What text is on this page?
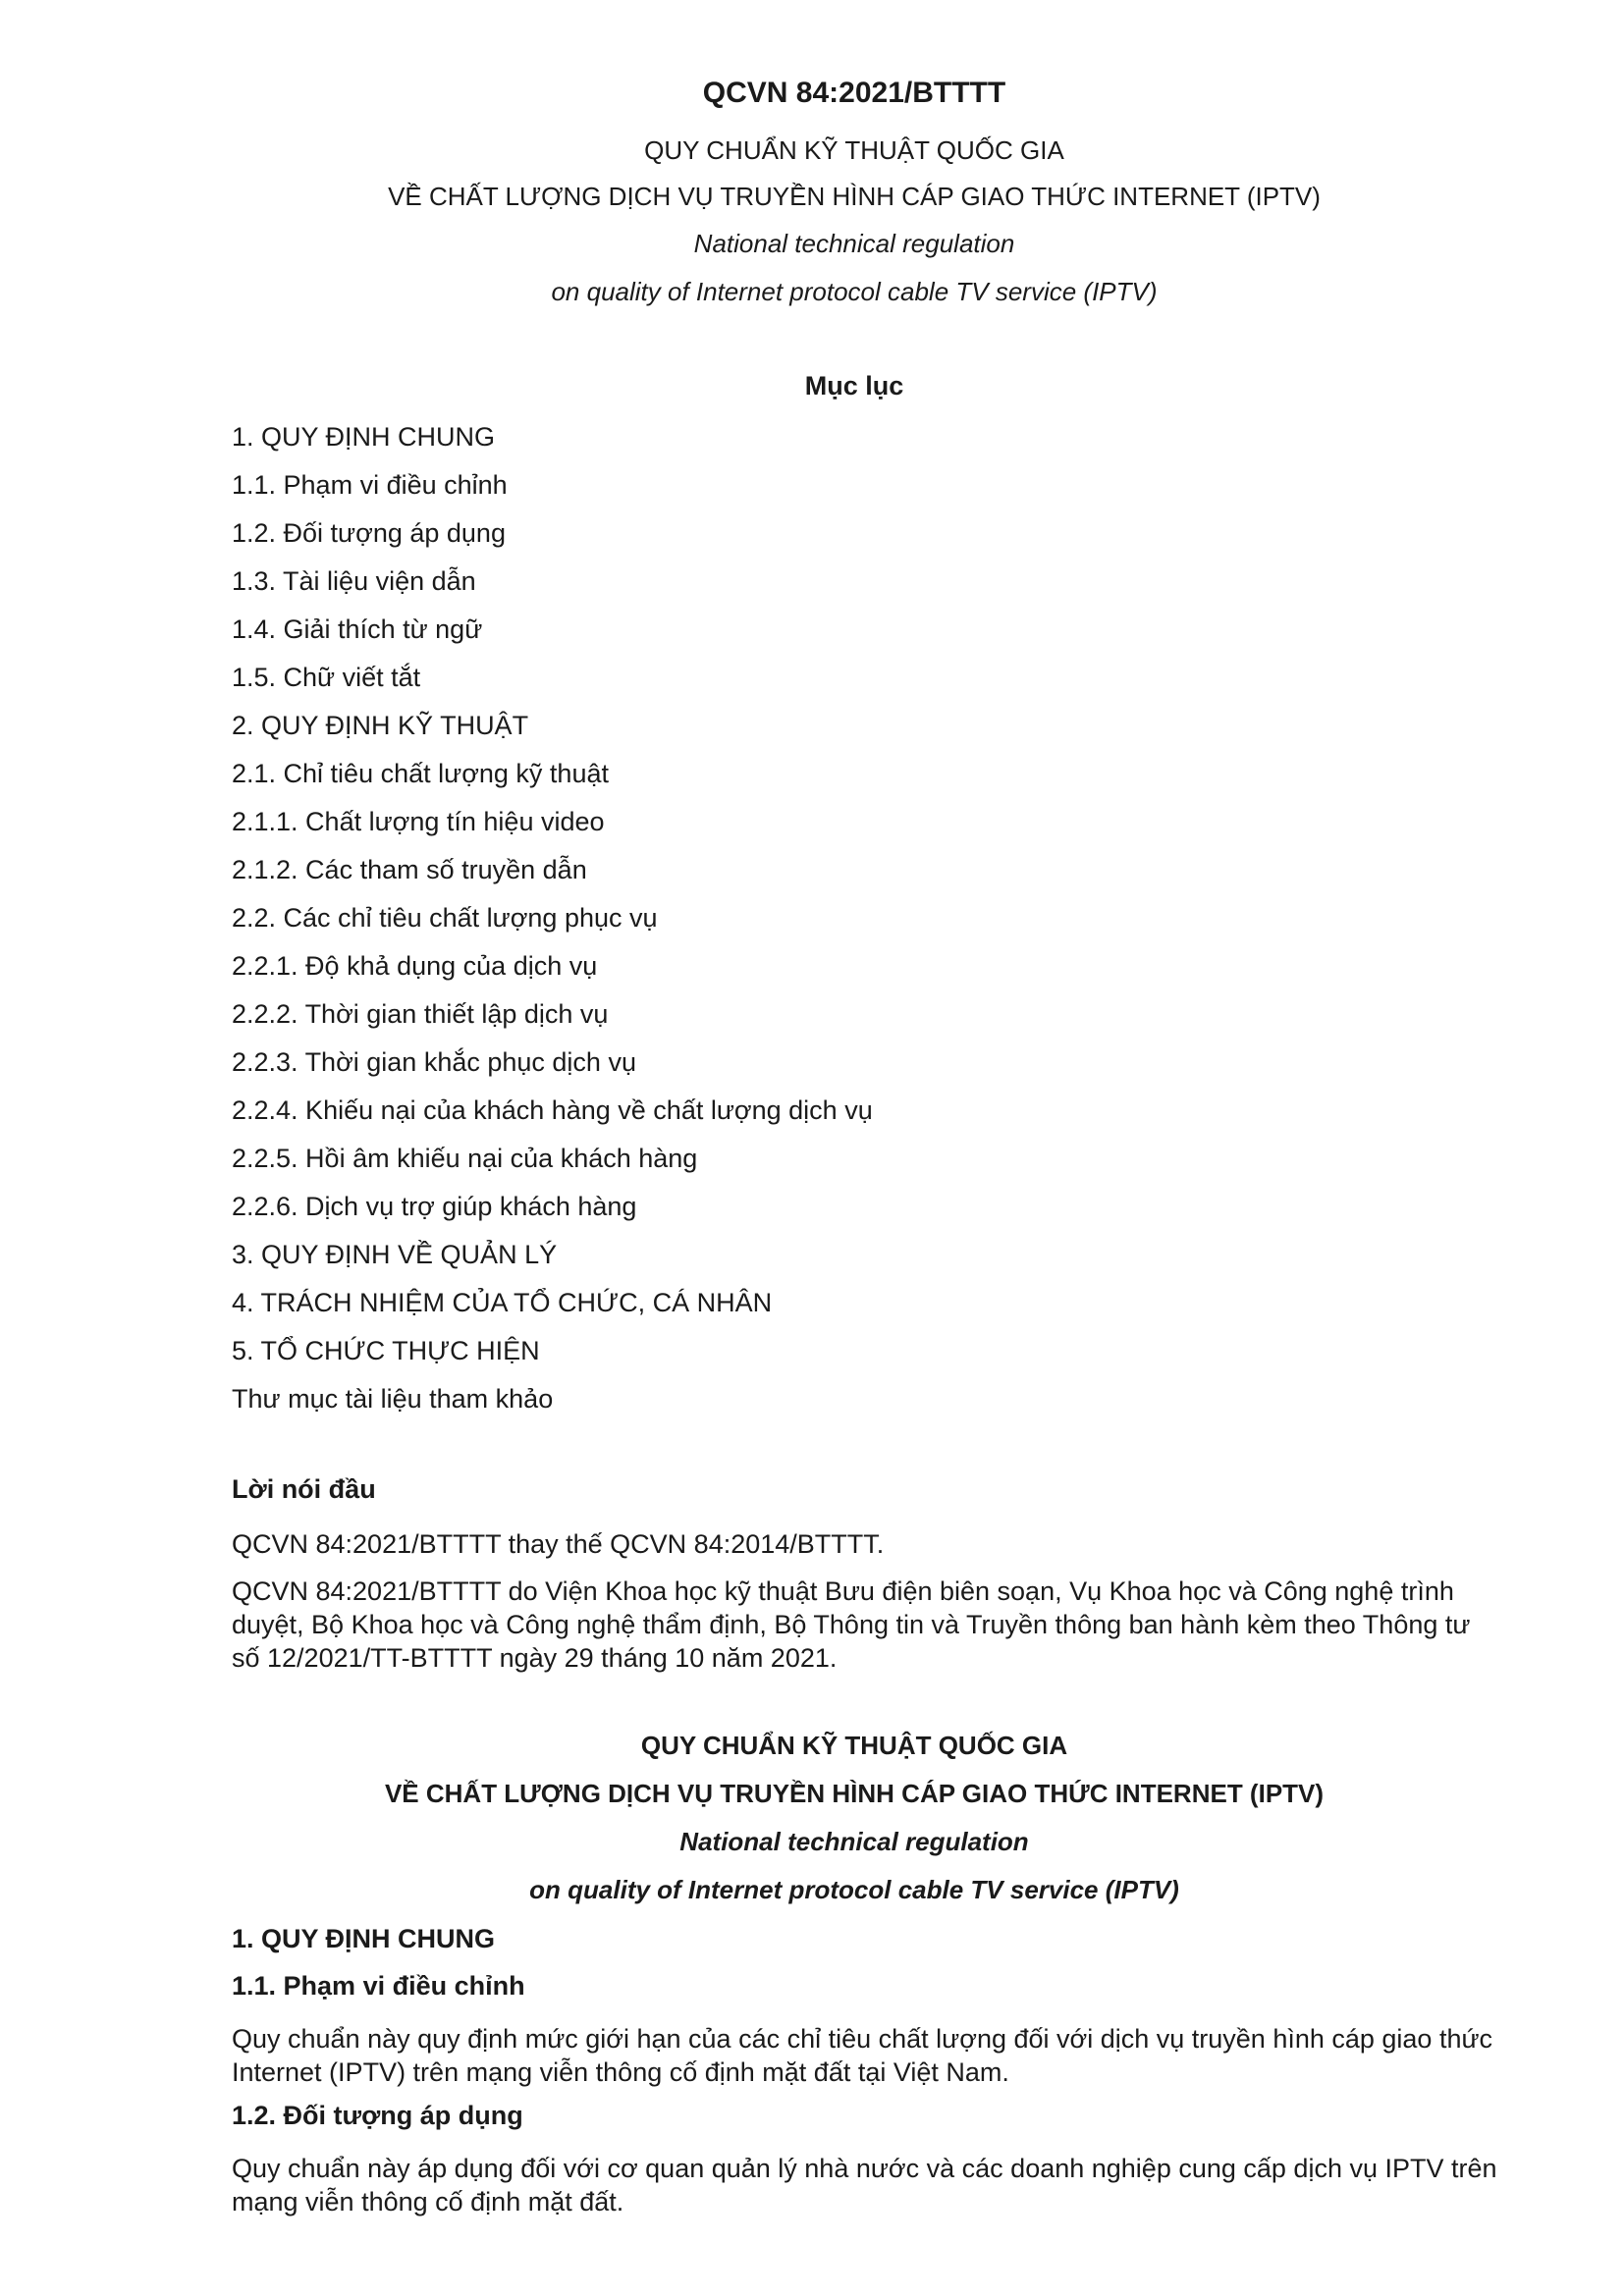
QCVN 84:2021/BTTTT
QUY CHUẨN KỸ THUẬT QUỐC GIA
VỀ CHẤT LƯỢNG DỊCH VỤ TRUYỀN HÌNH CÁP GIAO THỨC INTERNET (IPTV)
National technical regulation
on quality of Internet protocol cable TV service (IPTV)
Mục lục
1. QUY ĐỊNH CHUNG
1.1. Phạm vi điều chỉnh
1.2. Đối tượng áp dụng
1.3. Tài liệu viện dẫn
1.4. Giải thích từ ngữ
1.5. Chữ viết tắt
2. QUY ĐỊNH KỸ THUẬT
2.1. Chỉ tiêu chất lượng kỹ thuật
2.1.1. Chất lượng tín hiệu video
2.1.2. Các tham số truyền dẫn
2.2. Các chỉ tiêu chất lượng phục vụ
2.2.1. Độ khả dụng của dịch vụ
2.2.2. Thời gian thiết lập dịch vụ
2.2.3. Thời gian khắc phục dịch vụ
2.2.4. Khiếu nại của khách hàng về chất lượng dịch vụ
2.2.5. Hồi âm khiếu nại của khách hàng
2.2.6. Dịch vụ trợ giúp khách hàng
3. QUY ĐỊNH VỀ QUẢN LÝ
4. TRÁCH NHIỆM CỦA TỔ CHỨC, CÁ NHÂN
5. TỔ CHỨC THỰC HIỆN
Thư mục tài liệu tham khảo
Lời nói đầu
QCVN 84:2021/BTTTT thay thế QCVN 84:2014/BTTTT.
QCVN 84:2021/BTTTT do Viện Khoa học kỹ thuật Bưu điện biên soạn, Vụ Khoa học và Công nghệ trình duyệt, Bộ Khoa học và Công nghệ thẩm định, Bộ Thông tin và Truyền thông ban hành kèm theo Thông tư số 12/2021/TT-BTTTT ngày 29 tháng 10 năm 2021.
QUY CHUẨN KỸ THUẬT QUỐC GIA
VỀ CHẤT LƯỢNG DỊCH VỤ TRUYỀN HÌNH CÁP GIAO THỨC INTERNET (IPTV)
National technical regulation
on quality of Internet protocol cable TV service (IPTV)
1. QUY ĐỊNH CHUNG
1.1. Phạm vi điều chỉnh
Quy chuẩn này quy định mức giới hạn của các chỉ tiêu chất lượng đối với dịch vụ truyền hình cáp giao thức Internet (IPTV) trên mạng viễn thông cố định mặt đất tại Việt Nam.
1.2. Đối tượng áp dụng
Quy chuẩn này áp dụng đối với cơ quan quản lý nhà nước và các doanh nghiệp cung cấp dịch vụ IPTV trên mạng viễn thông cố định mặt đất.
